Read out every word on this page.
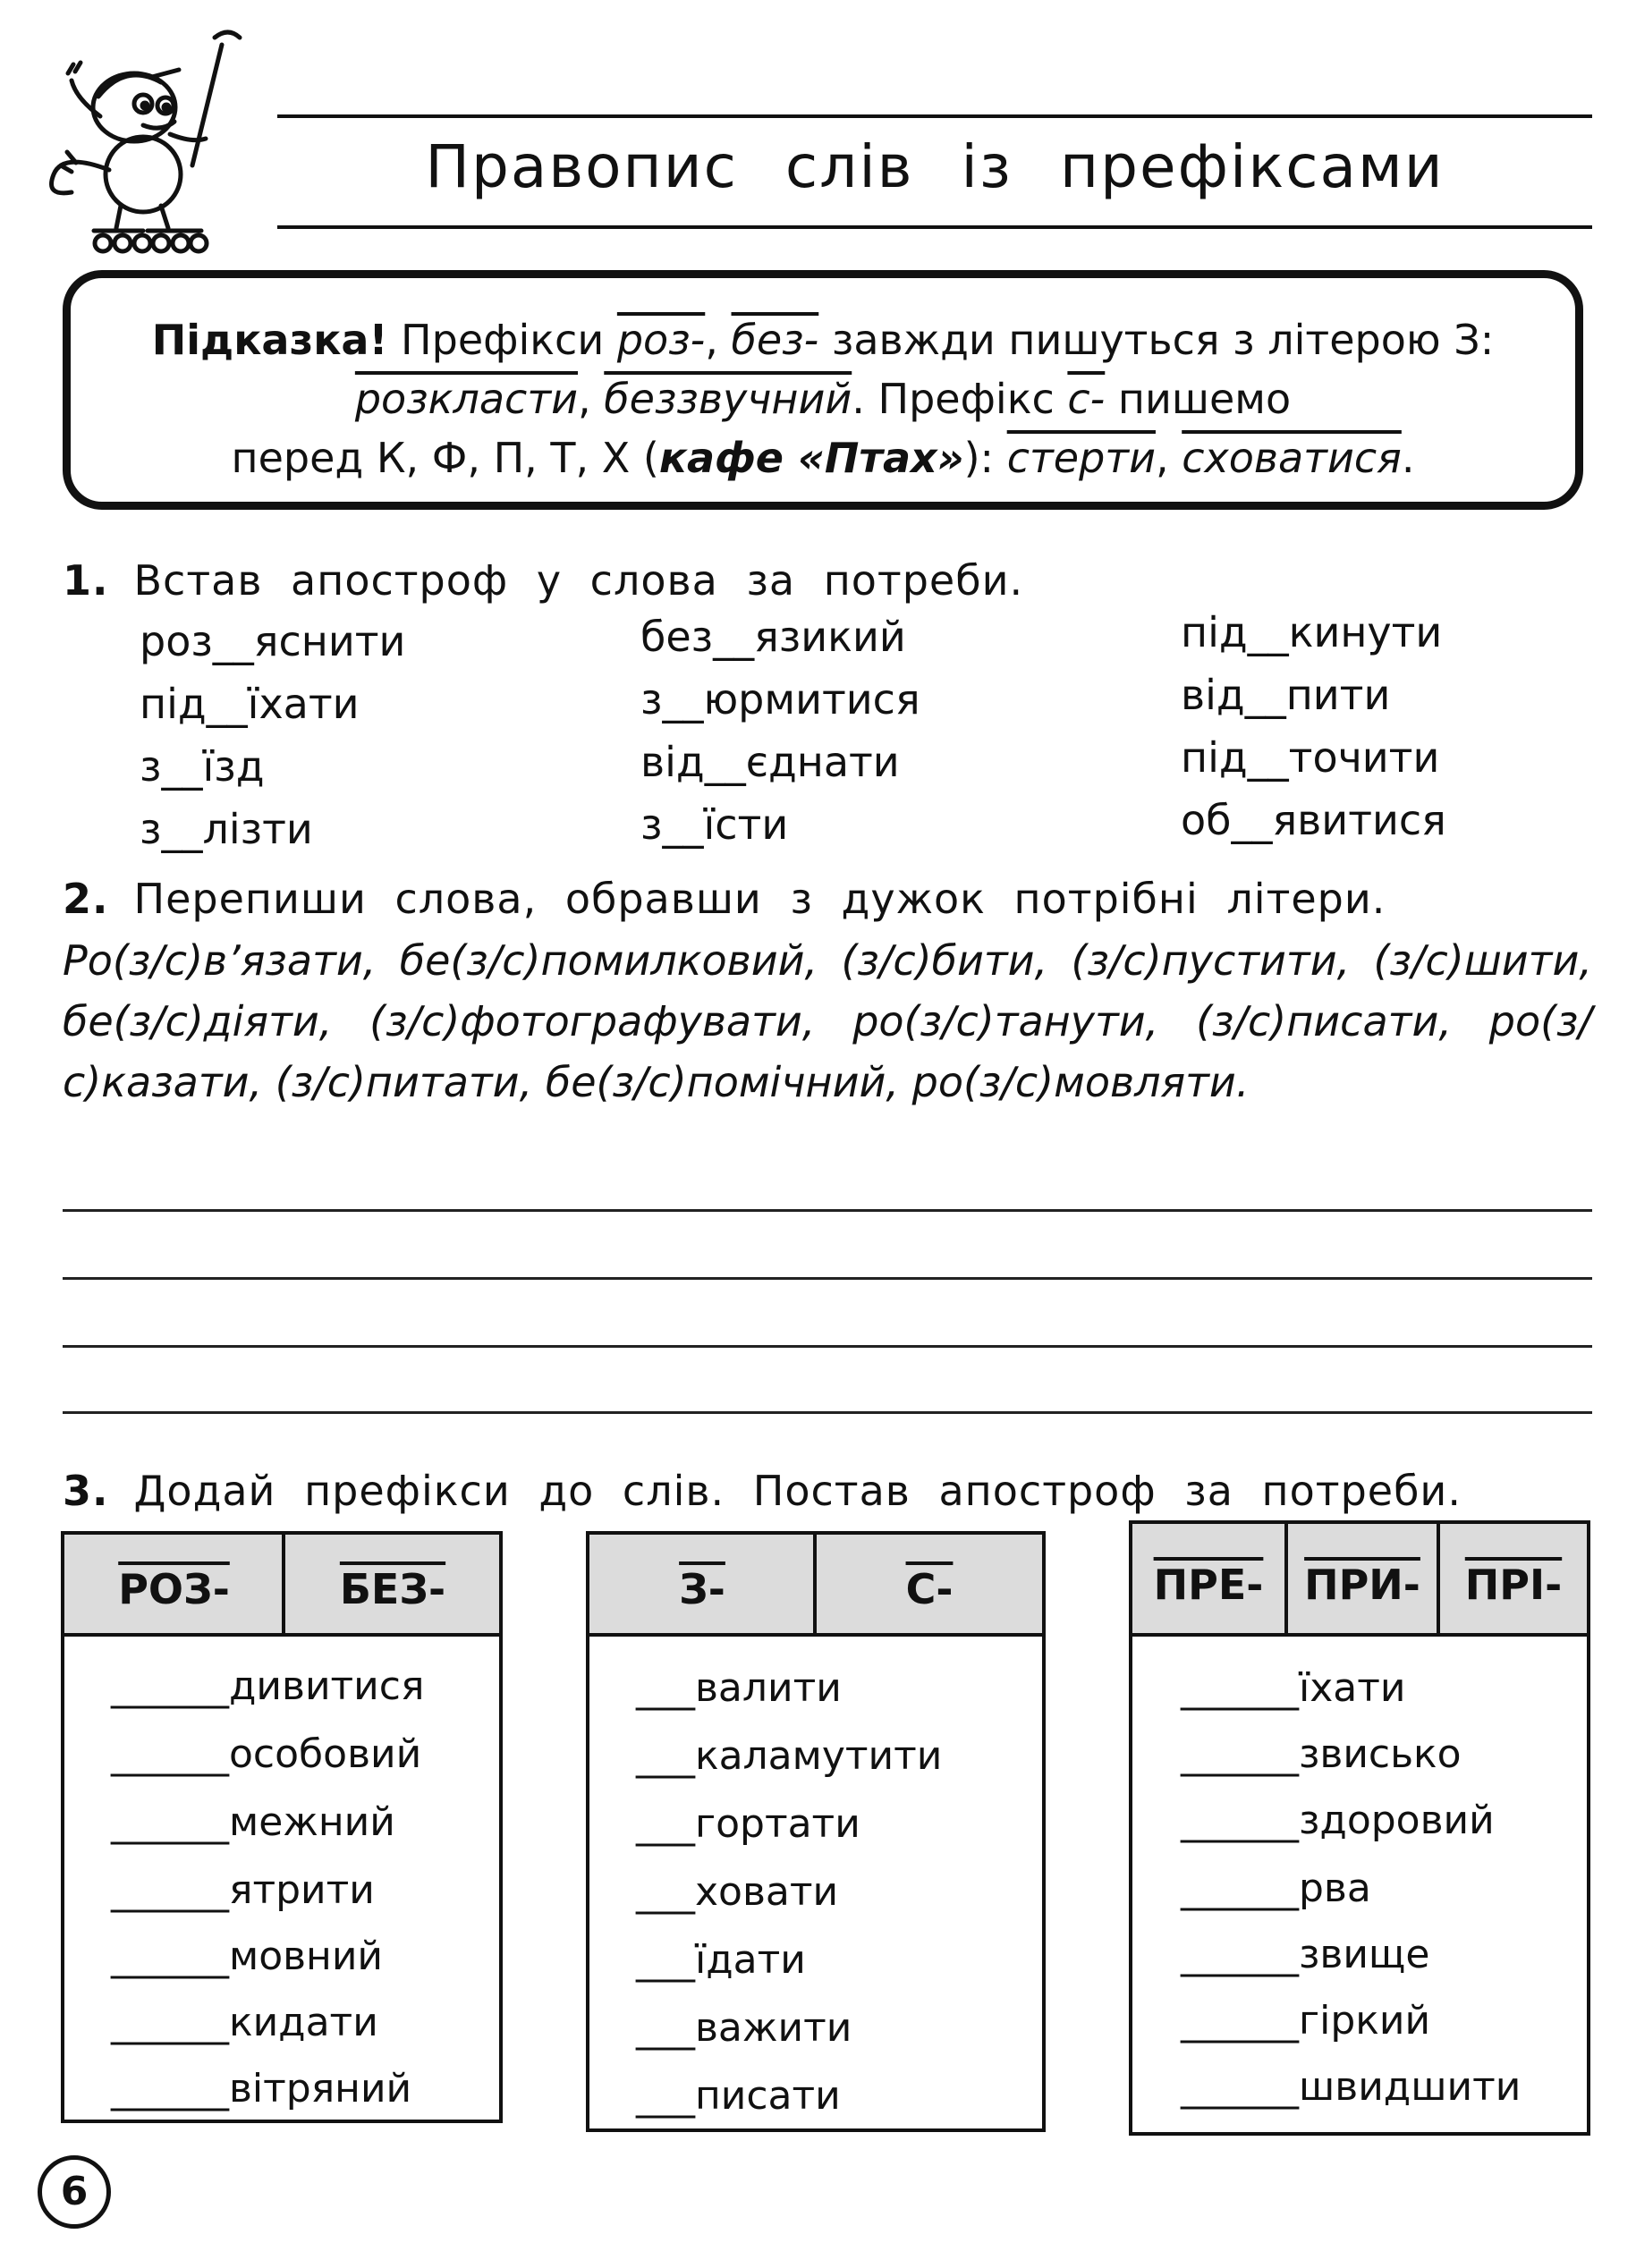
Правопис слів із префіксами
Підказка! Префікси роз-, без- завжди пишуться з літерою З:
розкласти, беззвучний. Префікс с- пишемо
перед К, Ф, П, Т, Х (кафе «Птах»): стерти, сховатися.
1. Встав апостроф у слова за потреби.
роз__яснити
під__їхати
з__їзд
з__лізти
без__язикий
з__юрмитися
від__єднати
з__їсти
під__кинути
від__пити
під__точити
об__явитися
2. Перепиши слова, обравши з дужок потрібні літери.
Ро(з/с)в’язати, бе(з/с)помилковий, (з/с)бити, (з/с)пустити, (з/с)шити, бе(з/с)діяти, (з/с)фотографувати, ро(з/с)танути, (з/с)писати, ро(з/с)казати, (з/с)питати, бе(з/с)помічний, ро(з/с)мовляти.
3. Додай префікси до слів. Постав апостроф за потреби.
РОЗ-	БЕЗ-
______дивитися
______особовий
______межний
______ятрити
______мовний
______кидати
______вітряний
З-	С-
___валити
___каламутити
___гортати
___ховати
___їдати
___важити
___писати
ПРЕ- ПРИ-	ПРІ-
______їхати
______звисько
______здоровий
______рва
______звище
______гіркий
______швидшити
6
